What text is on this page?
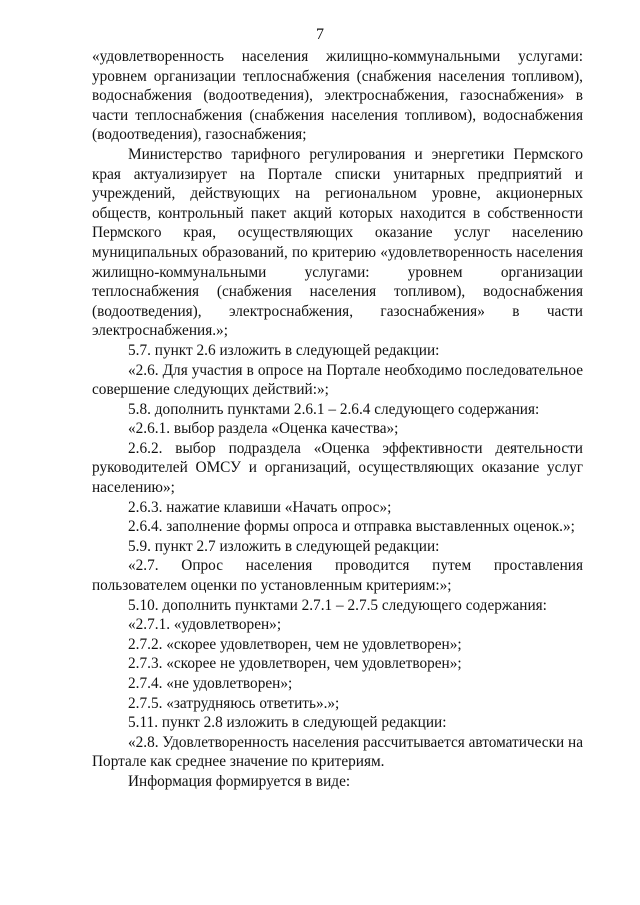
7

«удовлетворенность населения жилищно-коммунальными услугами: уровнем организации теплоснабжения (снабжения населения топливом), водоснабжения (водоотведения), электроснабжения, газоснабжения» в части теплоснабжения (снабжения населения топливом), водоснабжения (водоотведения), газоснабжения;

Министерство тарифного регулирования и энергетики Пермского края актуализирует на Портале списки унитарных предприятий и учреждений, действующих на региональном уровне, акционерных обществ, контрольный пакет акций которых находится в собственности Пермского края, осуществляющих оказание услуг населению муниципальных образований, по критерию «удовлетворенность населения жилищно-коммунальными услугами: уровнем организации теплоснабжения (снабжения населения топливом), водоснабжения (водоотведения), электроснабжения, газоснабжения» в части электроснабжения.»;

5.7. пункт 2.6 изложить в следующей редакции:

«2.6. Для участия в опросе на Портале необходимо последовательное совершение следующих действий:»;

5.8. дополнить пунктами 2.6.1 – 2.6.4 следующего содержания:

«2.6.1. выбор раздела «Оценка качества»;

2.6.2. выбор подраздела «Оценка эффективности деятельности руководителей ОМСУ и организаций, осуществляющих оказание услуг населению»;

2.6.3. нажатие клавиши «Начать опрос»;

2.6.4. заполнение формы опроса и отправка выставленных оценок.»;

5.9. пункт 2.7 изложить в следующей редакции:

«2.7. Опрос населения проводится путем проставления пользователем оценки по установленным критериям:»;

5.10. дополнить пунктами 2.7.1 – 2.7.5 следующего содержания:

«2.7.1. «удовлетворен»;

2.7.2. «скорее удовлетворен, чем не удовлетворен»;

2.7.3. «скорее не удовлетворен, чем удовлетворен»;

2.7.4. «не удовлетворен»;

2.7.5. «затрудняюсь ответить».»;

5.11. пункт 2.8 изложить в следующей редакции:

«2.8. Удовлетворенность населения рассчитывается автоматически на Портале как среднее значение по критериям.

Информация формируется в виде:
